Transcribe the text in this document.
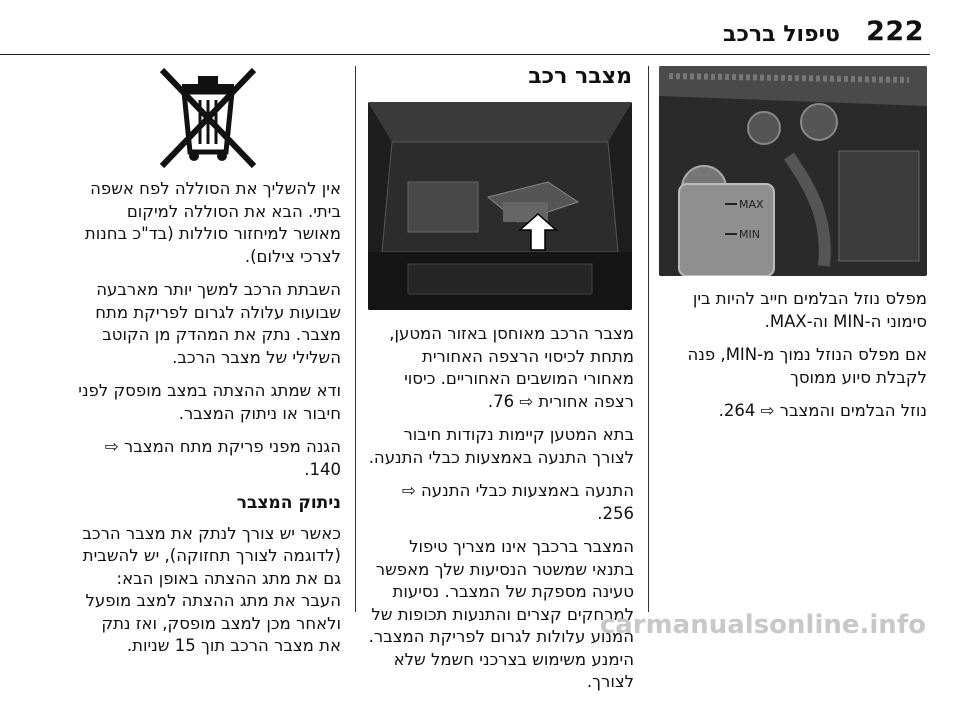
222
טיפול ברכב
MAX
MIN

מפלס נוזל הבלמים חייב להיות בין סימוני ה-MIN וה-MAX.

אם מפלס הנוזל נמוך מ-MIN, פנה לקבלת סיוע ממוסך

נוזל הבלמים והמצבר ⇨ 264.

מצבר רכב

מצבר הרכב מאוחסן באזור המטען, מתחת לכיסוי הרצפה האחורית מאחורי המושבים האחוריים. כיסוי רצפה אחורית ⇨ 76.

בתא המטען קיימות נקודות חיבור לצורך התנעה באמצעות כבלי התנעה.

התנעה באמצעות כבלי התנעה ⇨ 256.

המצבר ברכבך אינו מצריך טיפול בתנאי שמשטר הנסיעות שלך מאפשר טעינה מספקת של המצבר. נסיעות למרחקים קצרים והתנעות תכופות של המנוע עלולות לגרום לפריקת המצבר. הימנע משימוש בצרכני חשמל שלא לצורך.

אין להשליך את הסוללה לפח אשפה ביתי. הבא את הסוללה למיקום מאושר למיחזור סוללות (בד"כ בחנות לצרכי צילום).

השבתת הרכב למשך יותר מארבעה שבועות עלולה לגרום לפריקת מתח מצבר. נתק את המהדק מן הקוטב השלילי של מצבר הרכב.

ודא שמתג ההצתה במצב מופסק לפני חיבור או ניתוק המצבר.

הגנה מפני פריקת מתח המצבר ⇨ 140.

ניתוק המצבר

כאשר יש צורך לנתק את מצבר הרכב (לדוגמה לצורך תחזוקה), יש להשבית גם את מתג ההצתה באופן הבא: העבר את מתג ההצתה למצב מופעל ולאחר מכן למצב מופסק, ואז נתק את מצבר הרכב תוך 15 שניות.

carmanualsonline.info
